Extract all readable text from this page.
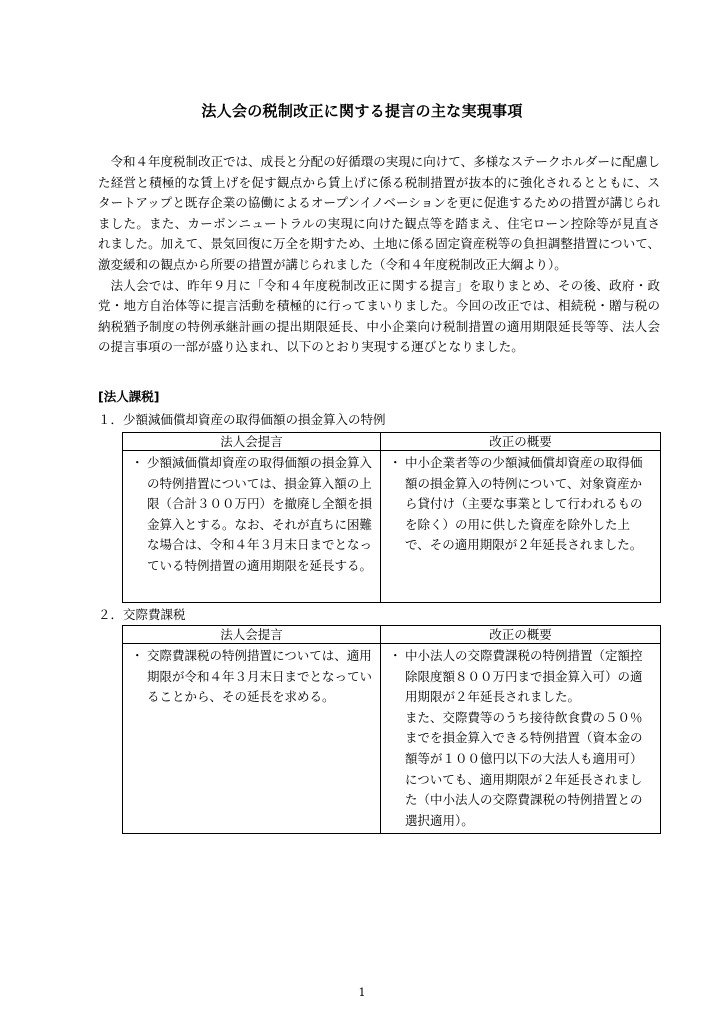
法人会の税制改正に関する提言の主な実現事項

令和４年度税制改正では、成長と分配の好循環の実現に向けて、多様なステークホルダーに配慮した経営と積極的な賃上げを促す観点から賃上げに係る税制措置が抜本的に強化されるとともに、スタートアップと既存企業の協働によるオープンイノベーションを更に促進するための措置が講じられました。また、カーボンニュートラルの実現に向けた観点等を踏まえ、住宅ローン控除等が見直されました。加えて、景気回復に万全を期すため、土地に係る固定資産税等の負担調整措置について、激変緩和の観点から所要の措置が講じられました（令和４年度税制改正大綱より）。

法人会では、昨年９月に「令和４年度税制改正に関する提言」を取りまとめ、その後、政府・政党・地方自治体等に提言活動を積極的に行ってまいりました。今回の改正では、相続税・贈与税の納税猶予制度の特例承継計画の提出期限延長、中小企業向け税制措置の適用期限延長等等、法人会の提言事項の一部が盛り込まれ、以下のとおり実現する運びとなりました。

[法人課税]
１．少額減価償却資産の取得価額の損金算入の特例
法人会提言	改正の概要

・ 少額減価償却資産の取得価額の損金算入の特例措置については、損金算入額の上限（合計３００万円）を撤廃し全額を損金算入とする。なお、それが直ちに困難な場合は、令和４年３月末日までとなっている特例措置の適用期限を延長する。	・ 中小企業者等の少額減価償却資産の取得価額の損金算入の特例について、対象資産から貸付け（主要な事業として行われるものを除く）の用に供した資産を除外した上で、その適用期限が２年延長されました。
２．交際費課税
法人会提言	改正の概要

・ 交際費課税の特例措置については、適用期限が令和４年３月末日までとなっていることから、その延長を求める。	・ 中小法人の交際費課税の特例措置（定額控除限度額８００万円まで損金算入可）の適用期限が２年延長されました。
また、交際費等のうち接待飲食費の５０％までを損金算入できる特例措置（資本金の額等が１００億円以下の大法人も適用可）についても、適用期限が２年延長されました（中小法人の交際費課税の特例措置との選択適用）。
1
